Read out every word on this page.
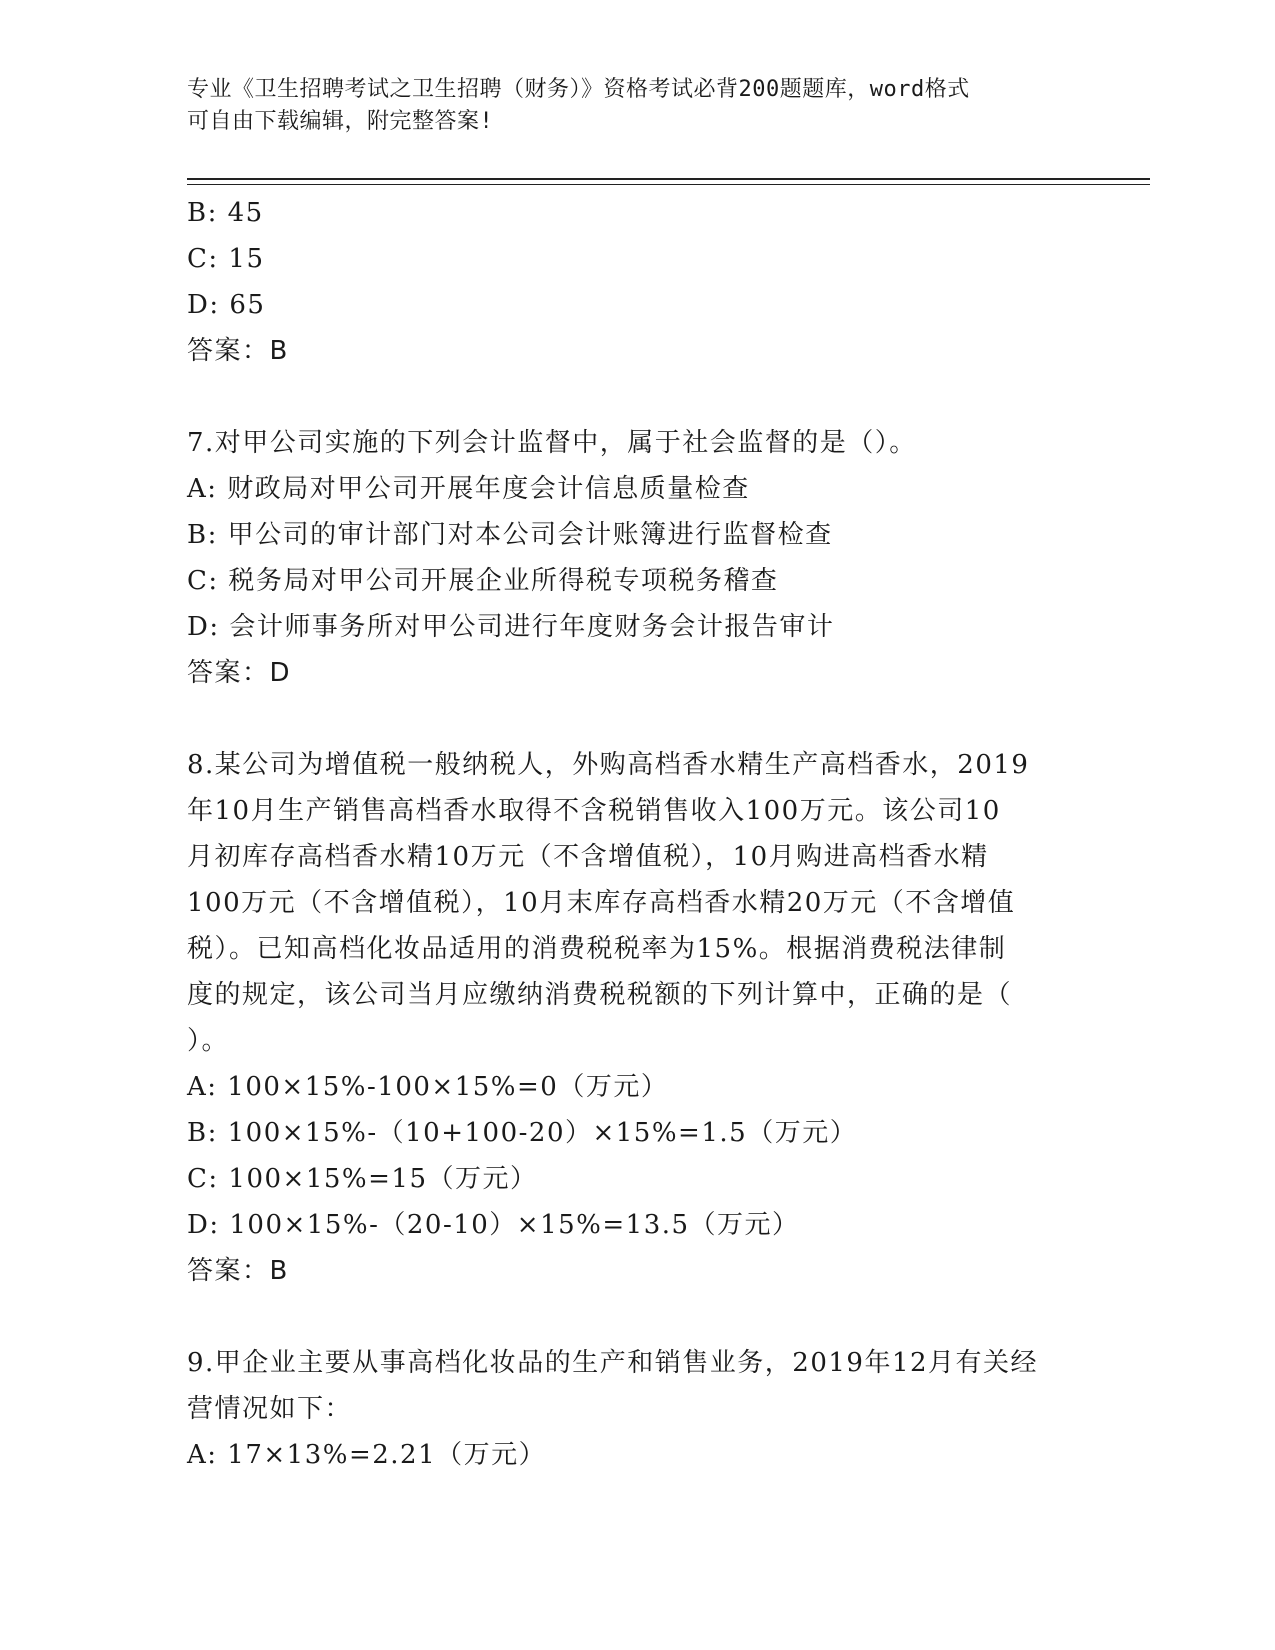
专业《卫生招聘考试之卫生招聘（财务）》资格考试必背200题题库，word格式
可自由下载编辑，附完整答案!

B: 45

C: 15

D: 65

答案：B

7.对甲公司实施的下列会计监督中，属于社会监督的是（）。

A: 财政局对甲公司开展年度会计信息质量检查

B: 甲公司的审计部门对本公司会计账簿进行监督检查

C: 税务局对甲公司开展企业所得税专项税务稽查

D: 会计师事务所对甲公司进行年度财务会计报告审计

答案：D

8.某公司为增值税一般纳税人，外购高档香水精生产高档香水，2019

年10月生产销售高档香水取得不含税销售收入100万元。该公司10

月初库存高档香水精10万元（不含增值税），10月购进高档香水精

100万元（不含增值税），10月末库存高档香水精20万元（不含增值

税）。已知高档化妆品适用的消费税税率为15%。根据消费税法律制

度的规定，该公司当月应缴纳消费税税额的下列计算中，正确的是（

）。

A: 100×15%-100×15%=0（万元）

B: 100×15%-（10+100-20）×15%=1.5（万元）

C: 100×15%=15（万元）

D: 100×15%-（20-10）×15%=13.5（万元）

答案：B

9.甲企业主要从事高档化妆品的生产和销售业务，2019年12月有关经

营情况如下：

A: 17×13%=2.21（万元）
